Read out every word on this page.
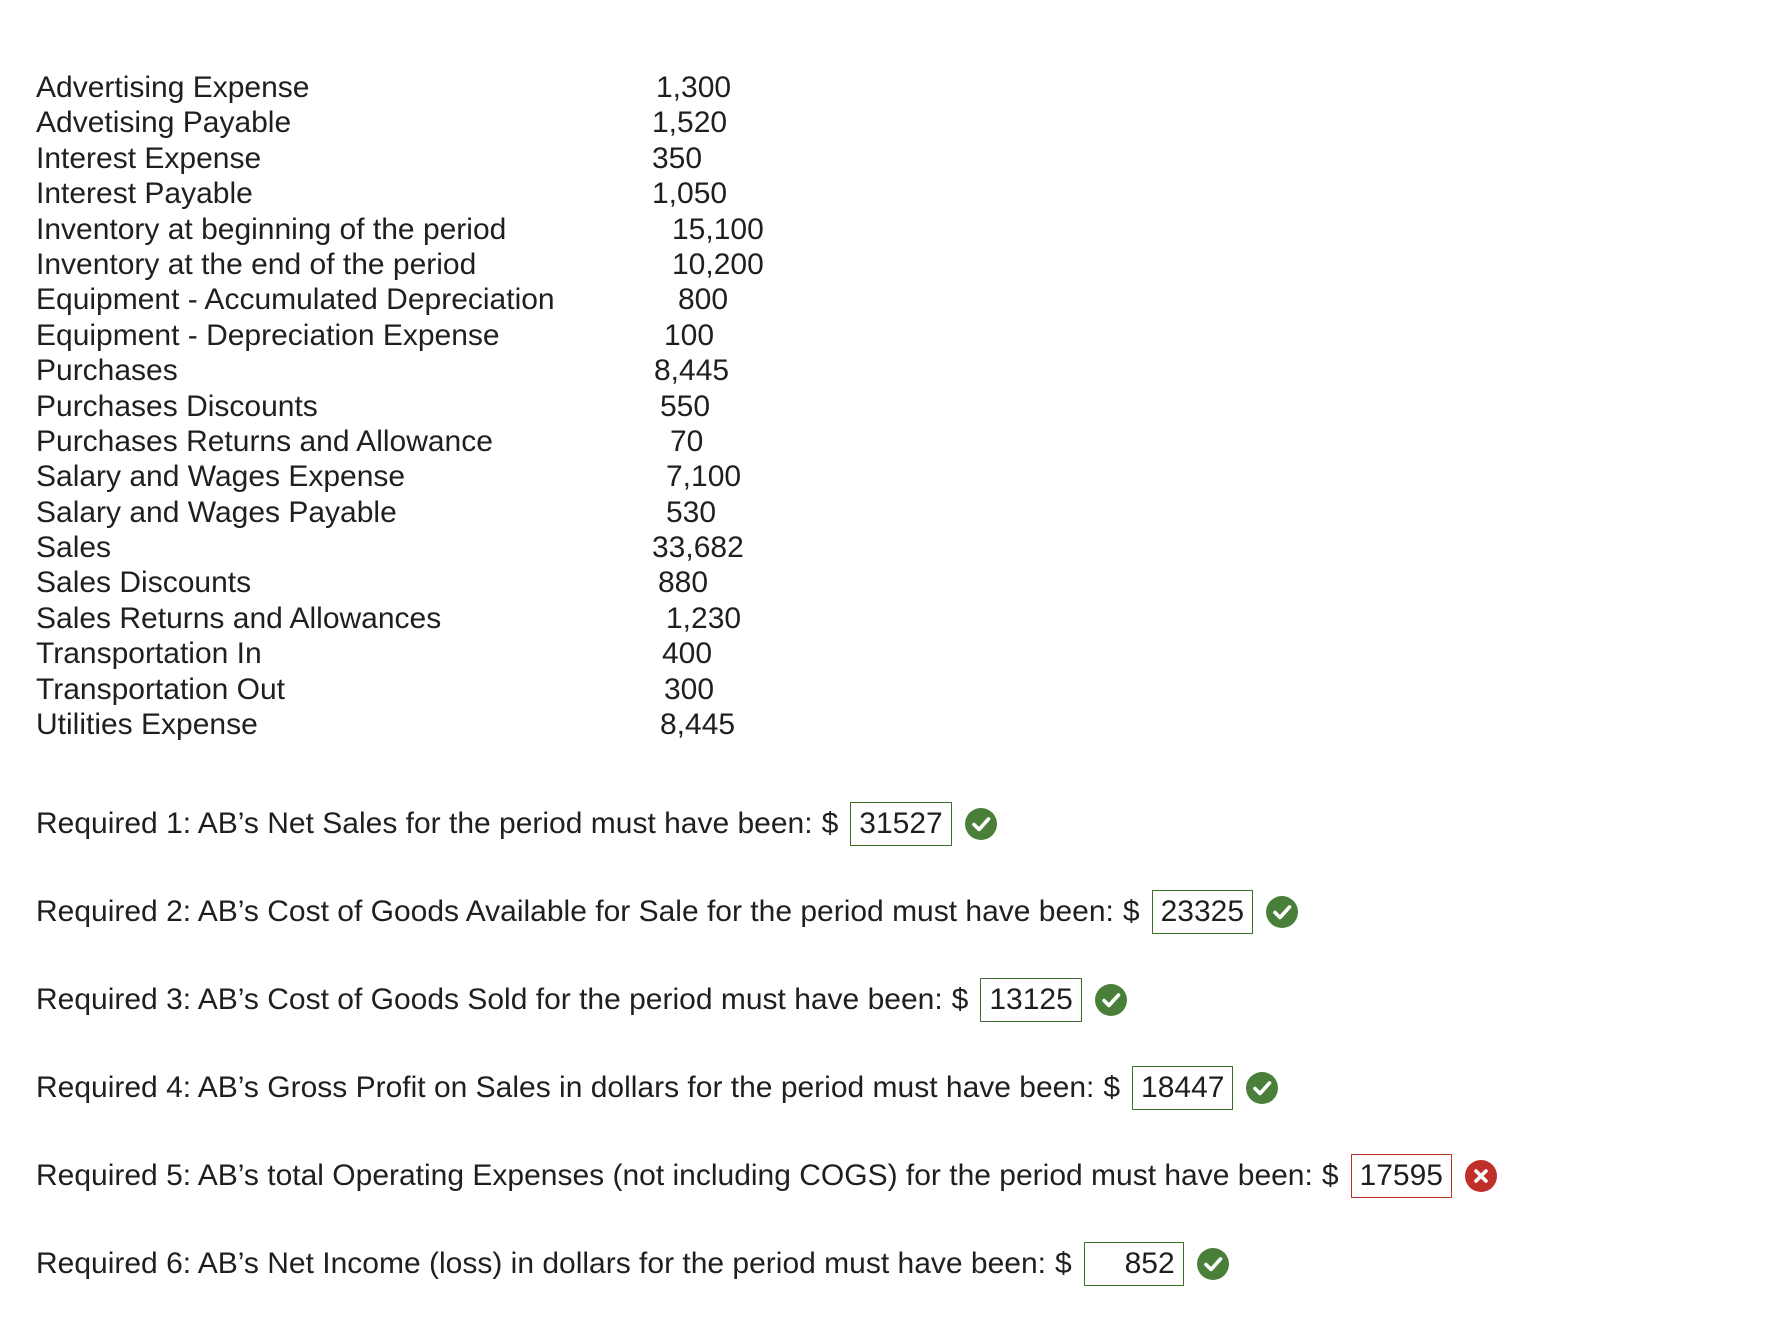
Advertising Expense	1,300
Advetising Payable	1,520
Interest Expense	350
Interest Payable	1,050
Inventory at beginning of the period	15,100
Inventory at the end of the period	10,200
Equipment - Accumulated Depreciation	800
Equipment - Depreciation Expense	100
Purchases	8,445
Purchases Discounts	550
Purchases Returns and Allowance	70
Salary and Wages Expense	7,100
Salary and Wages Payable	530
Sales	33,682
Sales Discounts	880
Sales Returns and Allowances	1,230
Transportation In	400
Transportation Out	300
Utilities Expense	8,445
Required 1: AB’s Net Sales for the period must have been: $ 31527
Required 2: AB’s Cost of Goods Available for Sale for the period must have been: $ 23325
Required 3: AB’s Cost of Goods Sold for the period must have been: $ 13125
Required 4: AB’s Gross Profit on Sales in dollars for the period must have been: $ 18447
Required 5: AB’s total Operating Expenses (not including COGS) for the period must have been: $ 17595
Required 6: AB’s Net Income (loss) in dollars for the period must have been: $	852
